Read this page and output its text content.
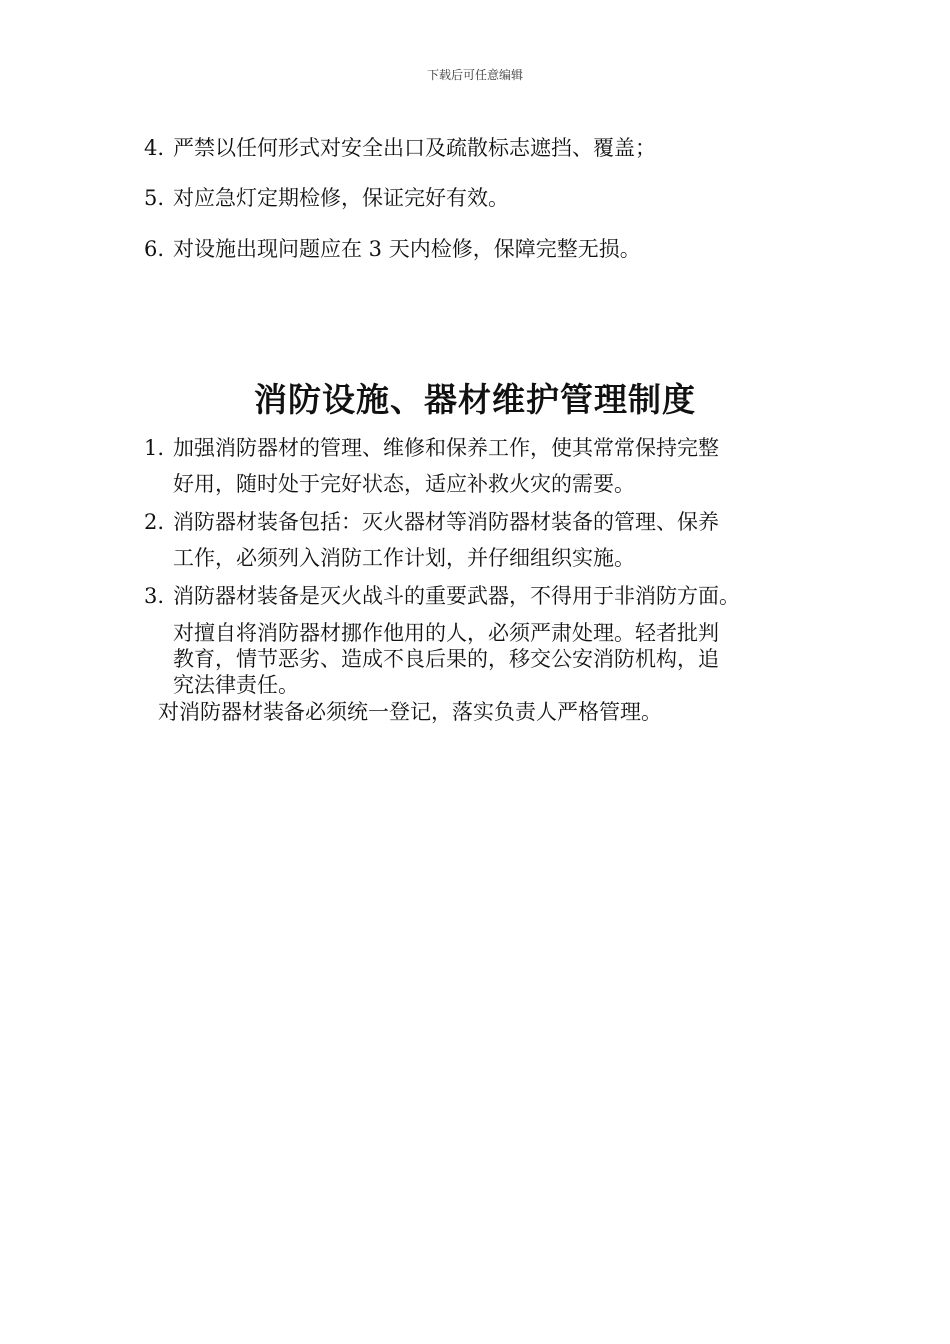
下载后可任意编辑
4. 严禁以任何形式对安全出口及疏散标志遮挡、覆盖；
5. 对应急灯定期检修，保证完好有效。
6. 对设施出现问题应在 3 天内检修，保障完整无损。
消防设施、器材维护管理制度
1. 加强消防器材的管理、维修和保养工作，使其常常保持完整
好用，随时处于完好状态，适应补救火灾的需要。
2. 消防器材装备包括：灭火器材等消防器材装备的管理、保养
工作，必须列入消防工作计划，并仔细组织实施。
3. 消防器材装备是灭火战斗的重要武器，不得用于非消防方面。
对擅自将消防器材挪作他用的人，必须严肃处理。轻者批判
教育，情节恶劣、造成不良后果的，移交公安消防机构，追
究法律责任。
对消防器材装备必须统一登记，落实负责人严格管理。
